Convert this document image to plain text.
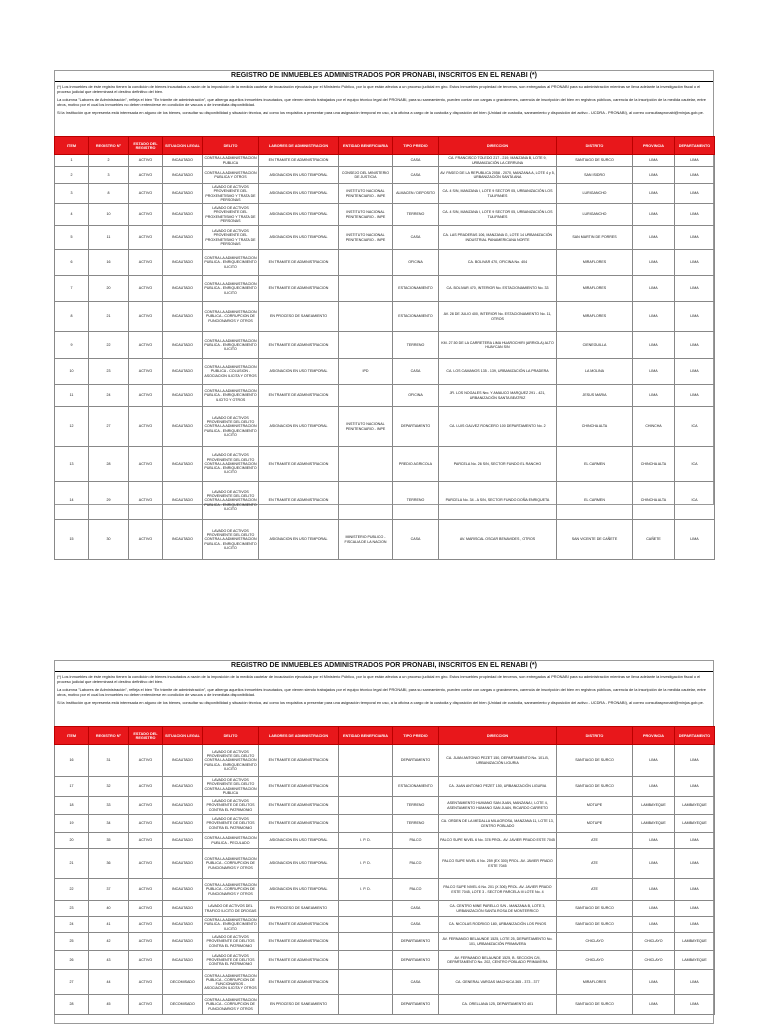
REGISTRO DE INMUEBLES ADMINISTRADOS POR PRONABI, INSCRITOS EN EL RENABI (*)

(*) Los inmuebles de éste registro tienen la condición de bienes incautados a razón de la imposición de la medida cautelar de incautación ejecutada por el Ministerio Público, por lo que están afectos a un proceso judicial en giro. Estos inmuebles propiedad de terceros, son entregados al PRONABI para su administración mientras se lleva adelante la investigación fiscal o el proceso judicial que determinará el destino definitivo del bien.

La columna "Labores de Administración", refleja el bien "En trámite de administración", que alberga aquellos inmuebles incautados, que vienen siendo trabajados por el equipo técnico legal del PRONABI, para su saneamiento, pueden contar con cargas o gravámenes, carencia de inscripción del bien en registros públicos, carencia de la inscripción de la medida cautelar, entre otros, motivo por el cual los inmuebles no deben entenderse en condición de vacuos o de inmediata disponibilidad.

Si la Institución que representa está interesada en alguno de los bienes, consultar su disponibilidad y situación técnica, así como los requisitos a presentar para una asignación temporal en uso, a la oficina a cargo de la custodia y disposición del bien (Unidad de custodia, saneamiento y disposición del activo - UCDRA - PRONABI), al correo consultaspronabi@minjus.gob.pe.

ITEM	REGISTRO N°	ESTADO DEL REGISTRO	SITUACION LEGAL	DELITO	LABORES DE ADMINISTRACION	ENTIDAD BENEFICIARIA	TIPO PREDIO	DIRECCION	DISTRITO	PROVINCIA	DEPARTAMENTO
1	2	ACTIVO	INCAUTADO	CONTRA LA ADMINISTRACION PUBLICA	EN TRAMITE DE ADMINISTRACION		CASA	CA. FRANCISCO TOLEDO 217 - 219, MANZANA B, LOTE 9, URBANIZACIÓN LA CERRUNA	SANTIAGO DE SURCO	LIMA	LIMA
2	3	ACTIVO	INCAUTADO	CONTRA LA ADMINISTRACION PUBLICA Y OTROS	ASIGNACION EN USO TEMPORAL	CONSEJO DEL MINISTERIO DE JUSTICIA	CASA	AV. PASEO DE LA REPUBLICA 2058 - 2070, MANZANA A, LOTE 4 y 5, URBANIZACIÓN SANTA ANA	SAN ISIDRO	LIMA	LIMA
3	8	ACTIVO	INCAUTADO	LAVADO DE ACTIVOS PROVENIENTE DEL PROXENETISMO Y TRATA DE PERSONAS	ASIGNACION EN USO TEMPORAL	INSTITUTO NACIONAL PENITENCIARIO - INPE	ALMACEN / DEPOSITO	CA. 4 S/N, MANZANA I, LOTE 9 SECTOR 05, URBANIZACIÓN LOS TULIPANES	LURIGANCHO	LIMA	LIMA
4	10	ACTIVO	INCAUTADO	LAVADO DE ACTIVOS PROVENIENTE DEL PROXENETISMO Y TRATA DE PERSONAS	ASIGNACION EN USO TEMPORAL	INSTITUTO NACIONAL PENITENCIARIO - INPE	TERRENO	CA. 4 S/N, MANZANA I, LOTE 9 SECTOR 05, URBANIZACIÓN LOS TULIPANES	LURIGANCHO	LIMA	LIMA
5	11	ACTIVO	INCAUTADO	LAVADO DE ACTIVOS PROVENIENTE DEL PROXENETISMO Y TRATA DE PERSONAS	ASIGNACION EN USO TEMPORAL	INSTITUTO NACIONAL PENITENCIARIO - INPE	CASA	CA. LAS PRADERAS 106, MANZANA G, LOTE 14 URBANIZACIÓN INDUSTRIAL PANAMERICANA NORTE	SAN MARTIN DE PORRES	LIMA	LIMA
6	16	ACTIVO	INCAUTADO	CONTRA LA ADMINISTRACION PUBLICA - ENRIQUECIMIENTO ILICITO	EN TRAMITE DE ADMINISTRACION		OFICINA	CA. BOLIVAR 470, OFICINA No. 404	MIRAFLORES	LIMA	LIMA
7	20	ACTIVO	INCAUTADO	CONTRA LA ADMINISTRACION PUBLICA - ENRIQUECIMIENTO ILICITO	EN TRAMITE DE ADMINISTRACION		ESTACIONAMIENTO	CA. BOLIVAR 470, INTERIOR No. ESTACIONAMIENTO No. 33	MIRAFLORES	LIMA	LIMA
8	21	ACTIVO	INCAUTADO	CONTRA LA ADMINISTRACION PUBLICA - CORRUPCION DE FUNCIONARIOS Y OTROS	EN PROCESO DE SANEAMIENTO		ESTACIONAMIENTO	AV. 28 DE JULIO 400, INTERIOR No. ESTACIONAMIENTO No. 11, OTROS	MIRAFLORES	LIMA	LIMA
9	22	ACTIVO	INCAUTADO	CONTRA LA ADMINISTRACION PUBLICA - ENRIQUECIMIENTO ILICITO	EN TRAMITE DE ADMINISTRACION		TERRENO	KM. 27.50 DE LA CARRETERA LIMA HUAROCHIRI (ARRIOLA) ALTO HUAYCAN S/N	CIENEGUILLA	LIMA	LIMA
10	23	ACTIVO	INCAUTADO	CONTRA LA ADMINISTRACION PUBLICA - COLUSION - ASOCIACION ILICITA Y OTROS	ASIGNACION EN USO TEMPORAL	IPD	CASA	CA. LOS CAMANOS 135 - 139, URBANIZACIÓN LA PRADERA	LA MOLINA	LIMA	LIMA
11	24	ACTIVO	INCAUTADO	CONTRA LA ADMINISTRACION PUBLICA - ENRIQUECIMIENTO ILICITO Y OTROS	EN TRAMITE DE ADMINISTRACION		OFICINA	JR. LOS NOGALES Nro. Y AMAUCO MARQUEZ 291 - 421, URBANIZACIÓN SANTA BEATRIZ	JESUS MARIA	LIMA	LIMA
12	27	ACTIVO	INCAUTADO	LAVADO DE ACTIVOS PROVENIENTE DEL DELITO CONTRA LA ADMINISTRACION PUBLICA - ENRIQUECIMIENTO ILICITO	ASIGNACION EN USO TEMPORAL	INSTITUTO NACIONAL PENITENCIARIO - INPE	DEPARTAMENTO	CA. LUIS GALVEZ RONCERO 100 DEPARTAMENTO No. 2	CHINCHA ALTA	CHINCHA	ICA
13	28	ACTIVO	INCAUTADO	LAVADO DE ACTIVOS PROVENIENTE DEL DELITO CONTRA LA ADMINISTRACION PUBLICA - ENRIQUECIMIENTO ILICITO	EN TRAMITE DE ADMINISTRACION		PREDIO AGRICOLA	PARCELA No. 26 S/N, SECTOR FUNDO EL RANCHO	EL CARMEN	CHINCHA ALTA	ICA
14	29	ACTIVO	INCAUTADO	LAVADO DE ACTIVOS PROVENIENTE DEL DELITO CONTRA LA ADMINISTRACION PUBLICA - ENRIQUECIMIENTO ILICITO	EN TRAMITE DE ADMINISTRACION		TERRENO	PARCELA No. 34 - A S/N, SECTOR FUNDO DOÑA ENRIQUETA	EL CARMEN	CHINCHA ALTA	ICA
15	30	ACTIVO	INCAUTADO	LAVADO DE ACTIVOS PROVENIENTE DEL DELITO CONTRA LA ADMINISTRACION PUBLICA - ENRIQUECIMIENTO ILICITO	ASIGNACION EN USO TEMPORAL	MINISTERIO PUBLICO - FISCALIA DE LA NACION	CASA	AV. MARISCAL OSCAR BENAVIDES , OTROS	SAN VICENTE DE CAÑETE	CAÑETE	LIMA
REGISTRO DE INMUEBLES ADMINISTRADOS POR PRONABI, INSCRITOS EN EL RENABI (*)

(*) Los inmuebles de éste registro tienen la condición de bienes incautados a razón de la imposición de la medida cautelar de incautación ejecutada por el Ministerio Público, por lo que están afectos a un proceso judicial en giro. Estos inmuebles propiedad de terceros, son entregados al PRONABI para su administración mientras se lleva adelante la investigación fiscal o el proceso judicial que determinará el destino definitivo del bien.

La columna "Labores de Administración", refleja el bien "En trámite de administración", que alberga aquellos inmuebles incautados, que vienen siendo trabajados por el equipo técnico legal del PRONABI, para su saneamiento, pueden contar con cargas o gravámenes, carencia de inscripción del bien en registros públicos, carencia de la inscripción de la medida cautelar, entre otros, motivo por el cual los inmuebles no deben entenderse en condición de vacuos o de inmediata disponibilidad.

Si la Institución que representa está interesada en alguno de los bienes, consultar su disponibilidad y situación técnica, así como los requisitos a presentar para una asignación temporal en uso, a la oficina a cargo de la custodia y disposición del bien (Unidad de custodia, saneamiento y disposición del activo - UCDRA - PRONABI), al correo consultaspronabi@minjus.gob.pe.

ITEM	REGISTRO N°	ESTADO DEL REGISTRO	SITUACION LEGAL	DELITO	LABORES DE ADMINISTRACION	ENTIDAD BENEFICIARIA	TIPO PREDIO	DIRECCION	DISTRITO	PROVINCIA	DEPARTAMENTO
16	31	ACTIVO	INCAUTADO	LAVADO DE ACTIVOS PROVENIENTE DEL DELITO CONTRA LA ADMINISTRACION PUBLICA - ENRIQUECIMIENTO ILICITO	EN TRAMITE DE ADMINISTRACION		DEPARTAMENTO	CA. JUAN ANTONIO PEZET 150, DEPARTAMENTO No. 101-B, URBANIZACIÓN LIGURIA	SANTIAGO DE SURCO	LIMA	LIMA
17	32	ACTIVO	INCAUTADO	LAVADO DE ACTIVOS PROVENIENTE DEL DELITO CONTRA LA ADMINISTRACION PUBLICA	EN TRAMITE DE ADMINISTRACION		ESTACIONAMIENTO	CA. JUAN ANTONIO PEZET 150, URBANIZACIÓN LIGURIA	SANTIAGO DE SURCO	LIMA	LIMA
18	33	ACTIVO	INCAUTADO	LAVADO DE ACTIVOS PROVENIENTE DE DELITOS CONTRA EL PATRIMONIO	EN TRAMITE DE ADMINISTRACION		TERRENO	ASENTAMIENTO HUMANO SAN JUAN, MANZANA I, LOTE 4, ASENTAMIENTO HUMANO SAN JUAN, RICARDO CARRETO	MOTUPE	LAMBAYEQUE	LAMBAYEQUE
19	34	ACTIVO	INCAUTADO	LAVADO DE ACTIVOS PROVENIENTE DE DELITOS CONTRA EL PATRIMONIO	EN TRAMITE DE ADMINISTRACION		TERRENO	CA. ORDEN DE LA MEDALLA MILAGROSA, MANZANA 11, LOTE 13, CENTRO POBLADO	MOTUPE	LAMBAYEQUE	LAMBAYEQUE
20	35	ACTIVO	INCAUTADO	CONTRA LA ADMINISTRACION PUBLICA - PECULADO	ASIGNACION EN USO TEMPORAL	I. P. D.	PALCO	PALCO SUPE NIVEL 6 No. 378 PROL. AV. JAVIER PRADO ESTE 7045	ATE	LIMA	LIMA
21	36	ACTIVO	INCAUTADO	CONTRA LA ADMINISTRACION PUBLICA - CORRUPCION DE FUNCIONARIOS Y OTROS	ASIGNACION EN USO TEMPORAL	I. P. D.	PALCO	PALCO SUPE NIVEL 6 No. 259 (EX 300) PROL. AV. JAVIER PRADO ESTE 7045	ATE	LIMA	LIMA
22	37	ACTIVO	INCAUTADO	CONTRA LA ADMINISTRACION PUBLICA - CORRUPCION DE FUNCIONARIOS Y OTROS	ASIGNACION EN USO TEMPORAL	I. P. D.	PALCO	PALCO SUPE NIVEL 6 No. 201 (X 306) PROL. AV. JAVIER PRADO ESTE 7045, LOTE 3 - SECTOR PARCELA III LOTE No. 4	ATE	LIMA	LIMA
23	40	ACTIVO	INCAUTADO	LAVADO DE ACTIVOS DEL TRAFICO ILICITO DE DROGAS	EN PROCESO DE SANEAMIENTO		CASA	CA. CENTRO MINE PARELLO S/N - MANZANA B, LOTE 3, URBANIZACIÓN SANTA ROSA DE MONTERRICO	SANTIAGO DE SURCO	LIMA	LIMA
24	41	ACTIVO	INCAUTADO	CONTRA LA ADMINISTRACION PUBLICA - ENRIQUECIMIENTO ILICITO	EN TRAMITE DE ADMINISTRACION		CASA	CA. NICOLAS RODRIGO 180, URBANIZACIÓN LOS PINOS	SANTIAGO DE SURCO	LIMA	LIMA
25	42	ACTIVO	INCAUTADO	LAVADO DE ACTIVOS PROVENIENTE DE DELITOS CONTRA EL PATRIMONIO	EN TRAMITE DE ADMINISTRACION		DEPARTAMENTO	AV. FERNANDO BELAUNDE 1525, LOTE 25, DEPARTAMENTO No. 101, URBANIZACIÓN PRIMAVERA	CHICLAYO	CHICLAYO	LAMBAYEQUE
26	43	ACTIVO	INCAUTADO	LAVADO DE ACTIVOS PROVENIENTE DE DELITOS CONTRA EL PATRIMONIO	EN TRAMITE DE ADMINISTRACION		DEPARTAMENTO	AV. FERNANDO BELAUNDE 1525, B. SECCION C/II, DEPARTAMENTO No. 202, CENTRO POBLADO PRIMAVERA	CHICLAYO	CHICLAYO	LAMBAYEQUE
27	44	ACTIVO	DECOMISADO	CONTRA LA ADMINISTRACION PUBLICA - CORRUPCION DE FUNCIONARIOS - ASOCIACION ILICITA Y OTROS	EN TRAMITE DE ADMINISTRACION		CASA	CA. GENERAL VARGAS MACHUCA 365 - 373 - 377	MIRAFLORES	LIMA	LIMA
28	45	ACTIVO	DECOMISADO	CONTRA LA ADMINISTRACION PUBLICA - CORRUPCION DE FUNCIONARIOS Y OTROS	EN PROCESO DE SANEAMIENTO		DEPARTAMENTO	CA. ORELLANA 125, DEPARTAMENTO 401	SANTIAGO DE SURCO	LIMA	LIMA
